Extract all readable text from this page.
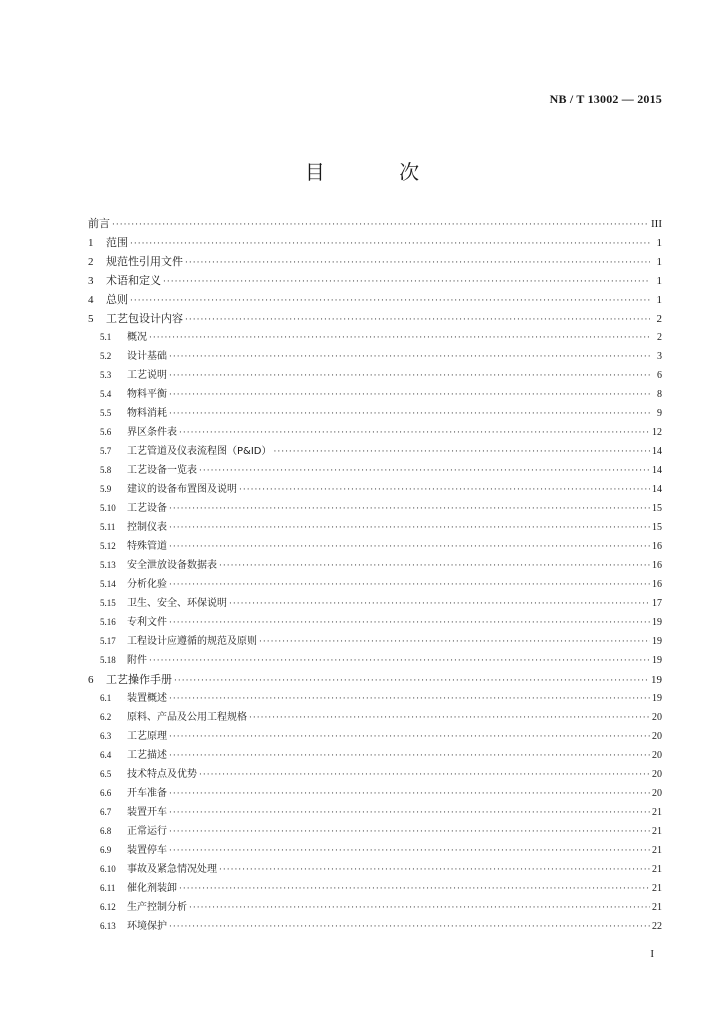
NB / T 13002 — 2015
目 次
前言 ·····	III
1	范围 ·····	1
2	规范性引用文件 ·····	1
3	术语和定义 ·····	1
4	总则 ·····	1
5	工艺包设计内容 ·····	2
5.1	概况 ·····	2
5.2	设计基础 ·····	3
5.3	工艺说明 ·····	6
5.4	物料平衡 ·····	8
5.5	物料消耗 ·····	9
5.6	界区条件表 ·····	12
5.7	工艺管道及仪表流程图（P&ID） ·····	14
5.8	工艺设备一览表 ·····	14
5.9	建议的设备布置图及说明 ·····	14
5.10	工艺设备 ·····	15
5.11	控制仪表 ·····	15
5.12	特殊管道 ·····	16
5.13	安全泄放设备数据表 ·····	16
5.14	分析化验 ·····	16
5.15	卫生、安全、环保说明 ·····	17
5.16	专利文件 ·····	19
5.17	工程设计应遵循的规范及原则 ·····	19
5.18	附件 ·····	19
6	工艺操作手册 ·····	19
6.1	装置概述 ·····	19
6.2	原料、产品及公用工程规格 ·····	20
6.3	工艺原理 ·····	20
6.4	工艺描述 ·····	20
6.5	技术特点及优势 ·····	20
6.6	开车准备 ·····	20
6.7	装置开车 ·····	21
6.8	正常运行 ·····	21
6.9	装置停车 ·····	21
6.10	事故及紧急情况处理 ·····	21
6.11	催化剂装卸 ·····	21
6.12	生产控制分析 ·····	21
6.13	环境保护 ·····	22
I
